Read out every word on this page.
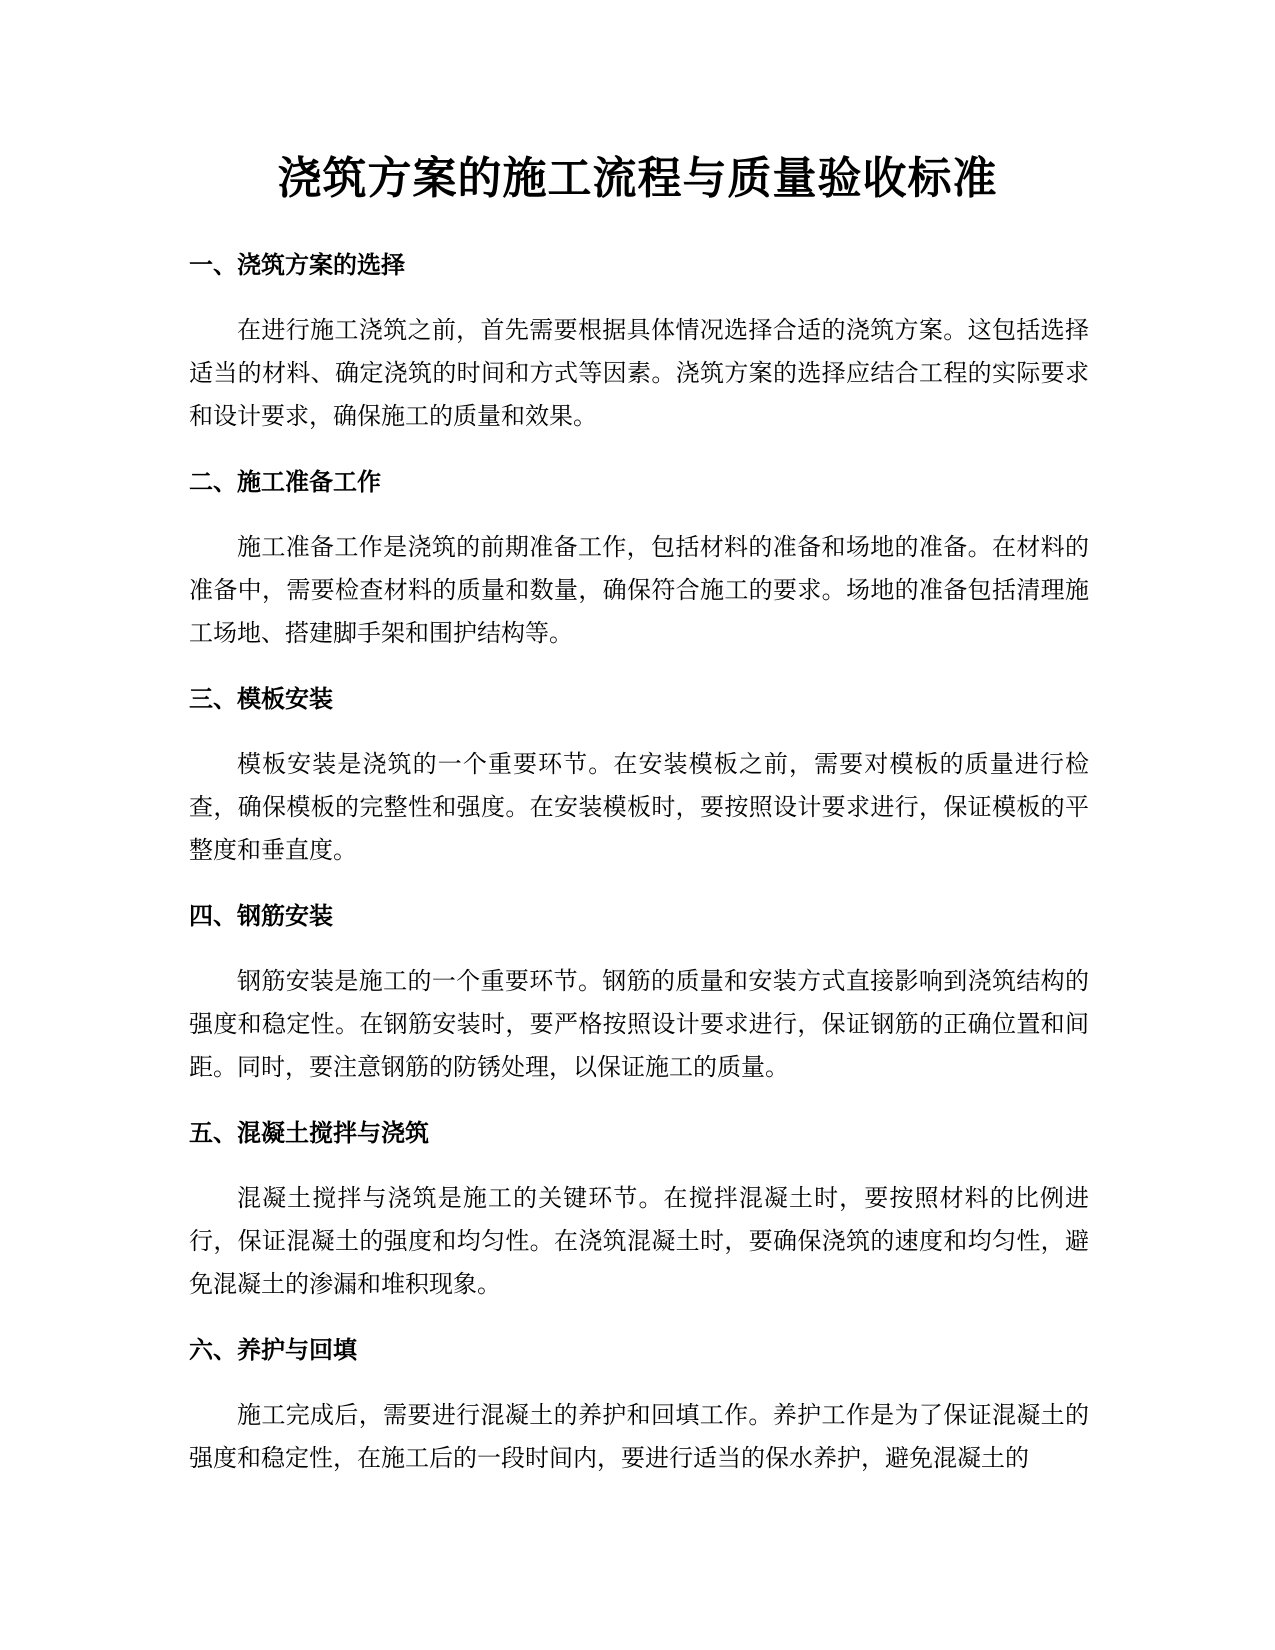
浇筑方案的施工流程与质量验收标准
一、浇筑方案的选择

在进行施工浇筑之前，首先需要根据具体情况选择合适的浇筑方案。这包括选择适当的材料、确定浇筑的时间和方式等因素。浇筑方案的选择应结合工程的实际要求和设计要求，确保施工的质量和效果。

二、施工准备工作

施工准备工作是浇筑的前期准备工作，包括材料的准备和场地的准备。在材料的准备中，需要检查材料的质量和数量，确保符合施工的要求。场地的准备包括清理施工场地、搭建脚手架和围护结构等。

三、模板安装

模板安装是浇筑的一个重要环节。在安装模板之前，需要对模板的质量进行检查，确保模板的完整性和强度。在安装模板时，要按照设计要求进行，保证模板的平整度和垂直度。

四、钢筋安装

钢筋安装是施工的一个重要环节。钢筋的质量和安装方式直接影响到浇筑结构的强度和稳定性。在钢筋安装时，要严格按照设计要求进行，保证钢筋的正确位置和间距。同时，要注意钢筋的防锈处理，以保证施工的质量。

五、混凝土搅拌与浇筑

混凝土搅拌与浇筑是施工的关键环节。在搅拌混凝土时，要按照材料的比例进行，保证混凝土的强度和均匀性。在浇筑混凝土时，要确保浇筑的速度和均匀性，避免混凝土的渗漏和堆积现象。

六、养护与回填

施工完成后，需要进行混凝土的养护和回填工作。养护工作是为了保证混凝土的强度和稳定性，在施工后的一段时间内，要进行适当的保水养护，避免混凝土的
